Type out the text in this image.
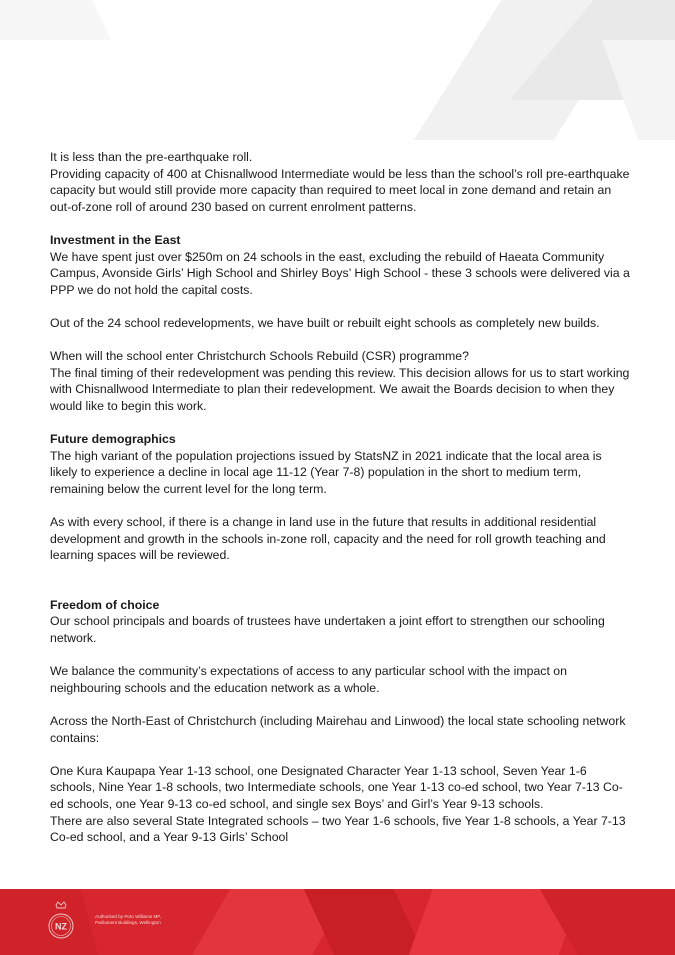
It is less than the pre-earthquake roll.

Providing capacity of 400 at Chisnallwood Intermediate would be less than the school’s roll pre-earthquake capacity but would still provide more capacity than required to meet local in zone demand and retain an out-of-zone roll of around 230 based on current enrolment patterns.

Investment in the East

We have spent just over $250m on 24 schools in the east, excluding the rebuild of Haeata Community Campus, Avonside Girls’ High School and Shirley Boys’ High School - these 3 schools were delivered via a PPP we do not hold the capital costs.

Out of the 24 school redevelopments, we have built or rebuilt eight schools as completely new builds.

When will the school enter Christchurch Schools Rebuild (CSR) programme?

The final timing of their redevelopment was pending this review. This decision allows for us to start working with Chisnallwood Intermediate to plan their redevelopment. We await the Boards decision to when they would like to begin this work.

Future demographics

The high variant of the population projections issued by StatsNZ in 2021 indicate that the local area is likely to experience a decline in local age 11-12 (Year 7-8) population in the short to medium term, remaining below the current level for the long term.

As with every school, if there is a change in land use in the future that results in additional residential development and growth in the schools in-zone roll, capacity and the need for roll growth teaching and learning spaces will be reviewed.

Freedom of choice

Our school principals and boards of trustees have undertaken a joint effort to strengthen our schooling network.

We balance the community’s expectations of access to any particular school with the impact on neighbouring schools and the education network as a whole.

Across the North-East of Christchurch (including Mairehau and Linwood) the local state schooling network contains:

One Kura Kaupapa Year 1-13 school, one Designated Character Year 1-13 school, Seven Year 1-6 schools, Nine Year 1-8 schools, two Intermediate schools, one Year 1-13 co-ed school, two Year 7-13 Co-ed schools, one Year 9-13 co-ed school, and single sex Boys’ and Girl’s Year 9-13 schools.

There are also several State Integrated schools – two Year 1-6 schools, five Year 1-8 schools, a Year 7-13 Co-ed school, and a Year 9-13 Girls’ School

NZ
Authorised by Poto Williams MP,
Parliament Buildings, Wellington
